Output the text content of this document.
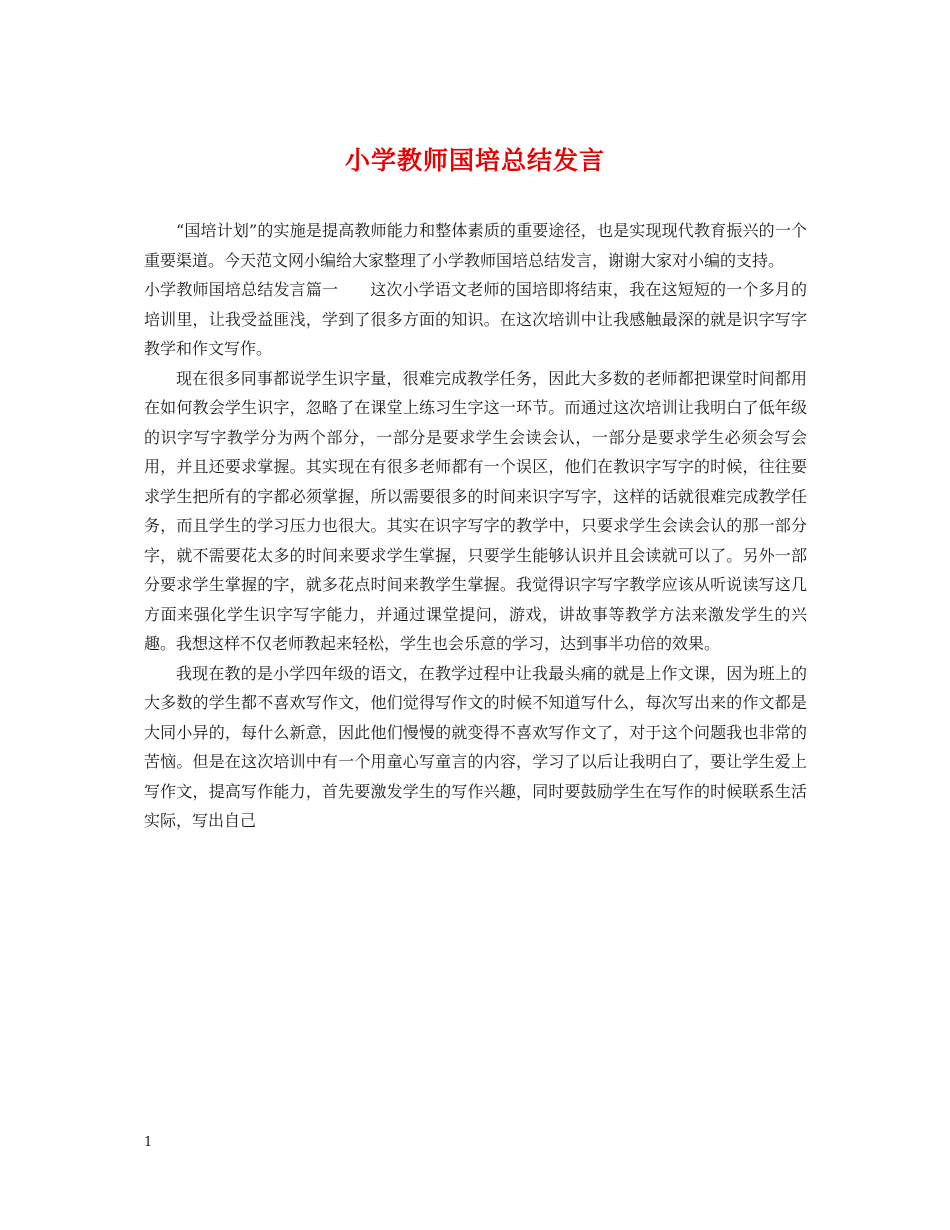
小学教师国培总结发言

“国培计划”的实施是提高教师能力和整体素质的重要途径，也是实现现代教育振兴的一个重要渠道。今天范文网小编给大家整理了小学教师国培总结发言，谢谢大家对小编的支持。

小学教师国培总结发言篇一 这次小学语文老师的国培即将结束，我在这短短的一个多月的培训里，让我受益匪浅，学到了很多方面的知识。在这次培训中让我感触最深的就是识字写字教学和作文写作。

现在很多同事都说学生识字量，很难完成教学任务，因此大多数的老师都把课堂时间都用在如何教会学生识字，忽略了在课堂上练习生字这一环节。而通过这次培训让我明白了低年级的识字写字教学分为两个部分，一部分是要求学生会读会认，一部分是要求学生必须会写会用，并且还要求掌握。其实现在有很多老师都有一个误区，他们在教识字写字的时候，往往要求学生把所有的字都必须掌握，所以需要很多的时间来识字写字，这样的话就很难完成教学任务，而且学生的学习压力也很大。其实在识字写字的教学中，只要求学生会读会认的那一部分字，就不需要花太多的时间来要求学生掌握，只要学生能够认识并且会读就可以了。另外一部分要求学生掌握的字，就多花点时间来教学生掌握。我觉得识字写字教学应该从听说读写这几方面来强化学生识字写字能力，并通过课堂提问，游戏，讲故事等教学方法来激发学生的兴趣。我想这样不仅老师教起来轻松，学生也会乐意的学习，达到事半功倍的效果。

我现在教的是小学四年级的语文，在教学过程中让我最头痛的就是上作文课，因为班上的大多数的学生都不喜欢写作文，他们觉得写作文的时候不知道写什么，每次写出来的作文都是大同小异的，每什么新意，因此他们慢慢的就变得不喜欢写作文了，对于这个问题我也非常的苦恼。但是在这次培训中有一个用童心写童言的内容，学习了以后让我明白了，要让学生爱上写作文，提高写作能力，首先要激发学生的写作兴趣，同时要鼓励学生在写作的时候联系生活实际，写出自己

1
